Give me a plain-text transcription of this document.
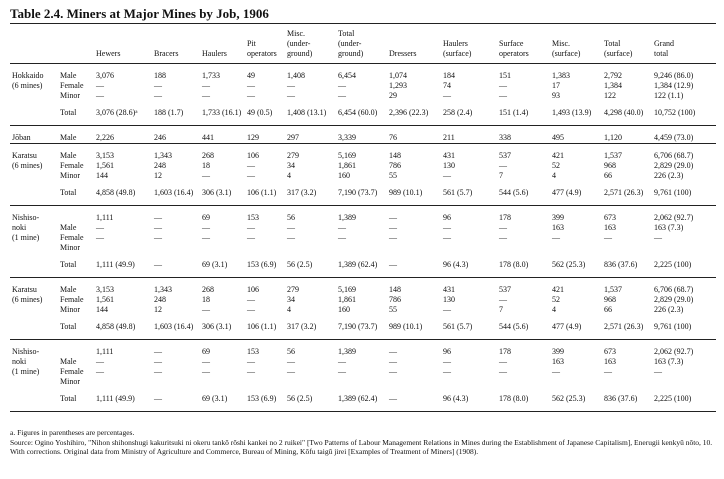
Table 2.4. Miners at Major Mines by Job, 1906
		Hewers	Bracers	Haulers	Pit
operators	Misc.
(under-
ground)	Total
(under-
ground)	Dressers	Haulers
(surface)	Surface
operators	Misc.
(surface)	Total
(surface)	Grand
total

Hokkaido
(6 mines)	Male	3,076	188	1,733	49	1,408	6,454	1,074	184	151	1,383	2,792	9,246 (86.0)
	Female	—	—	—	—	—	—	1,293	74	—	17	1,384	1,384 (12.9)
	Minor	—	—	—	—	—	—	29	—	—	93	122	122 (1.1)

	Total	3,076 (28.6)ᵃ	188 (1.7)	1,733 (16.1)	49 (0.5)	1,408 (13.1)	6,454 (60.0)	2,396 (22.3)	258 (2.4)	151 (1.4)	1,493 (13.9)	4,298 (40.0)	10,752 (100)

Jōban	Male	2,226	246	441	129	297	3,339	76	211	338	495	1,120	4,459 (73.0)

Karatsu
(6 mines)	Male	3,153	1,343	268	106	279	5,169	148	431	537	421	1,537	6,706 (68.7)
	Female	1,561	248	18	—	34	1,861	786	130	—	52	968	2,829 (29.0)
	Minor	144	12	—	—	4	160	55	—	7	4	66	226 (2.3)

	Total	4,858 (49.8)	1,603 (16.4)	306 (3.1)	106 (1.1)	317 (3.2)	7,190 (73.7)	989 (10.1)	561 (5.7)	544 (5.6)	477 (4.9)	2,571 (26.3)	9,761 (100)

Nishiso-
noki
(1 mine)		1,111	—	69	153	56	1,389	—	96	178	399	673	2,062 (92.7)
	Male	—	—	—	—	—	—	—	—	—	163	163	163 (7.3)
	Female	—	—	—	—	—	—	—	—	—	—	—	—
	Minor												

	Total	1,111 (49.9)	—	69 (3.1)	153 (6.9)	56 (2.5)	1,389 (62.4)	—	96 (4.3)	178 (8.0)	562 (25.3)	836 (37.6)	2,225 (100)

Karatsu
(6 mines)	Male	3,153	1,343	268	106	279	5,169	148	431	537	421	1,537	6,706 (68.7)
	Female	1,561	248	18	—	34	1,861	786	130	—	52	968	2,829 (29.0)
	Minor	144	12	—	—	4	160	55	—	7	4	66	226 (2.3)

	Total	4,858 (49.8)	1,603 (16.4)	306 (3.1)	106 (1.1)	317 (3.2)	7,190 (73.7)	989 (10.1)	561 (5.7)	544 (5.6)	477 (4.9)	2,571 (26.3)	9,761 (100)

Nishiso-
noki
(1 mine)		1,111	—	69	153	56	1,389	—	96	178	399	673	2,062 (92.7)
	Male	—	—	—	—	—	—	—	—	—	163	163	163 (7.3)
	Female	—	—	—	—	—	—	—	—	—	—	—	—
	Minor												

	Total	1,111 (49.9)	—	69 (3.1)	153 (6.9)	56 (2.5)	1,389 (62.4)	—	96 (4.3)	178 (8.0)	562 (25.3)	836 (37.6)	2,225 (100)

a. Figures in parentheses are percentages.
Source: Ogino Yoshihiro, "Nihon shihonshugi kakuritsuki ni okeru tankō rōshi kankei no 2 ruikei" [Two Patterns of Labour Management Relations in Mines during the Establishment of Japanese Capitalism], Enerugii kenkyū nōto, 10. With corrections. Original data from Ministry of Agriculture and Commerce, Bureau of Mining, Kōfu taigū jirei [Examples of Treatment of Miners] (1908).
